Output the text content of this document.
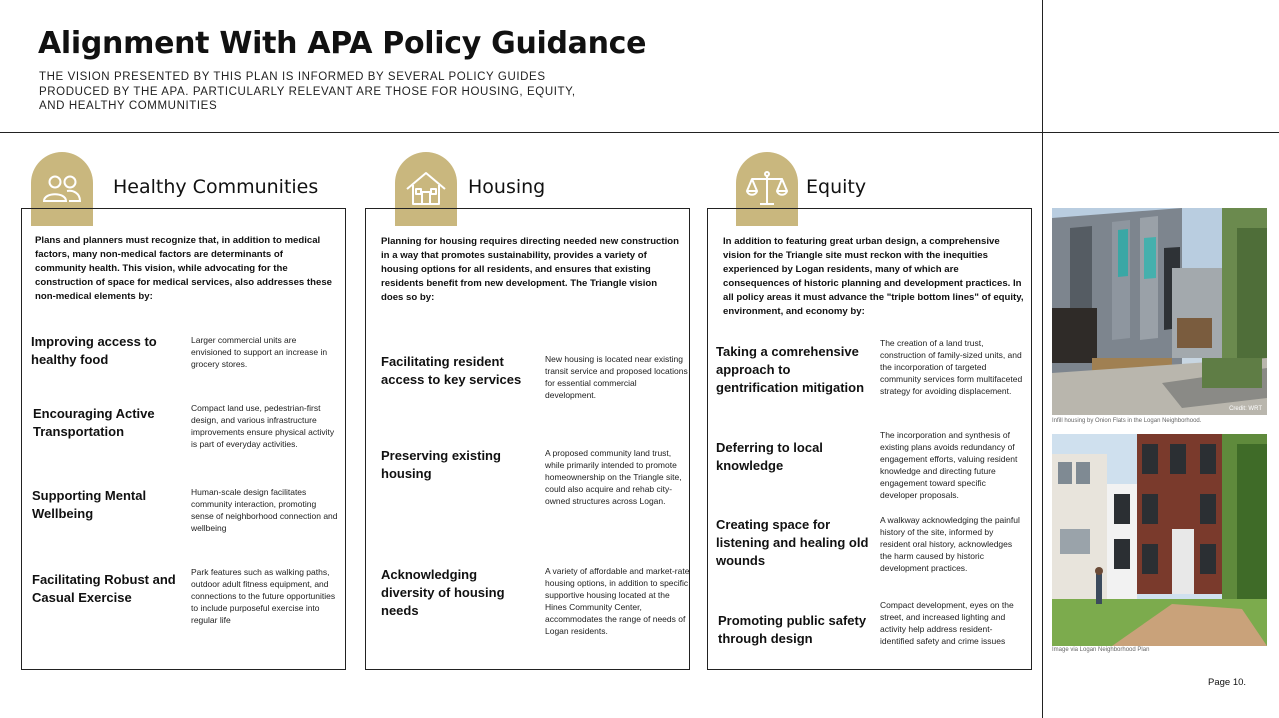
Alignment With APA Policy Guidance
THE VISION PRESENTED BY THIS PLAN IS INFORMED BY SEVERAL POLICY GUIDES PRODUCED BY THE APA. PARTICULARLY RELEVANT ARE THOSE FOR HOUSING, EQUITY, AND HEALTHY COMMUNITIES
Healthy Communities
Plans and planners must recognize that, in addition to medical factors, many non-medical factors are determinants of community health. This vision, while advocating for the construction of space for medical services, also addresses these non-medical elements by:
Improving access to healthy food
Larger commercial units are envisioned to support an increase in grocery stores.
Encouraging Active Transportation
Compact land use, pedestrian-first design, and various infrastructure improvements ensure physical activity is part of everyday activities.
Supporting Mental Wellbeing
Human-scale design facilitates community interaction, promoting sense of neighborhood connection and wellbeing
Facilitating Robust and Casual Exercise
Park features such as walking paths, outdoor adult fitness equipment, and connections to the future opportunities to include purposeful exercise into regular life
Housing
Planning for housing requires directing needed new construction in a way that promotes sustainability, provides a variety of housing options for all residents, and ensures that existing residents benefit from new development. The Triangle vision does so by:
Facilitating resident access to key services
New housing is located near existing transit service and proposed locations for essential commercial development.
Preserving existing housing
A proposed community land trust, while primarily intended to promote homeownership on the Triangle site, could also acquire and rehab city-owned structures across Logan.
Acknowledging diversity of housing needs
A variety of affordable and market-rate housing options, in addition to specific supportive housing located at the Hines Community Center, accommodates the range of needs of Logan residents.
Equity
In addition to featuring great urban design, a comprehensive vision for the Triangle site must reckon with the inequities experienced by Logan residents, many of which are consequences of historic planning and development practices. In all policy areas it must advance the "triple bottom lines" of equity, environment, and economy by:
Taking a comrehensive approach to gentrification mitigation
The creation of a land trust, construction of family-sized units, and the incorporation of targeted community services form multifaceted strategy for avoiding displacement.
Deferring to local knowledge
The incorporation and synthesis of existing plans avoids redundancy of engagement efforts, valuing resident knowledge and directing future engagement toward specific developer proposals.
Creating space for listening and healing old wounds
A walkway acknowledging the painful history of the site, informed by resident oral history, acknowledges the harm caused by historic development practices.
Promoting public safety through design
Compact development, eyes on the street, and increased lighting and activity help address resident-identified safety and crime issues
Credit: WRT
Infill housing by Onion Flats in the Logan Neighborhood.
Image via Logan Neighborhood Plan
Page 10.
